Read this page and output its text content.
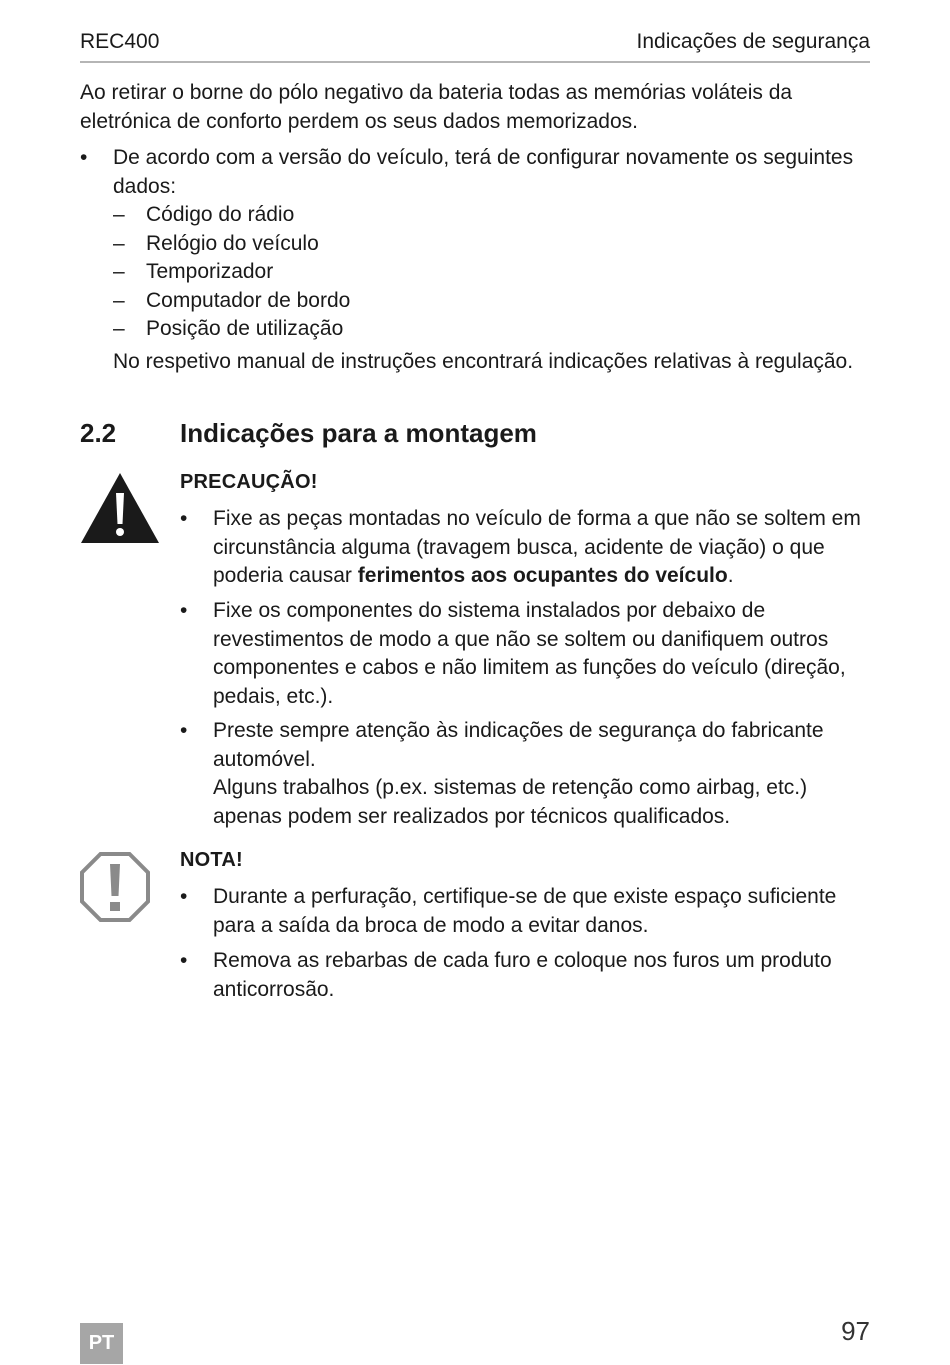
REC400	Indicações de segurança

Ao retirar o borne do pólo negativo da bateria todas as memórias voláteis da eletrónica de conforto perdem os seus dados memorizados.

• De acordo com a versão do veículo, terá de configurar novamente os seguintes dados:

– Código do rádio
– Relógio do veículo
– Temporizador
– Computador de bordo
– Posição de utilização

No respetivo manual de instruções encontrará indicações relativas à regulação.

2.2 Indicações para a montagem
PRECAUÇÃO!
• Fixe as peças montadas no veículo de forma a que não se soltem em circunstância alguma (travagem busca, acidente de viação) o que poderia causar ferimentos aos ocupantes do veículo.

• Fixe os componentes do sistema instalados por debaixo de revestimentos de modo a que não se soltem ou danifiquem outros componentes e cabos e não limitem as funções do veículo (direção, pedais, etc.).

• Preste sempre atenção às indicações de segurança do fabricante automóvel.

Alguns trabalhos (p.ex. sistemas de retenção como airbag, etc.) apenas podem ser realizados por técnicos qualificados.

NOTA!
• Durante a perfuração, certifique-se de que existe espaço suficiente para a saída da broca de modo a evitar danos.

• Remova as rebarbas de cada furo e coloque nos furos um produto anticorrosão.

97
PT
